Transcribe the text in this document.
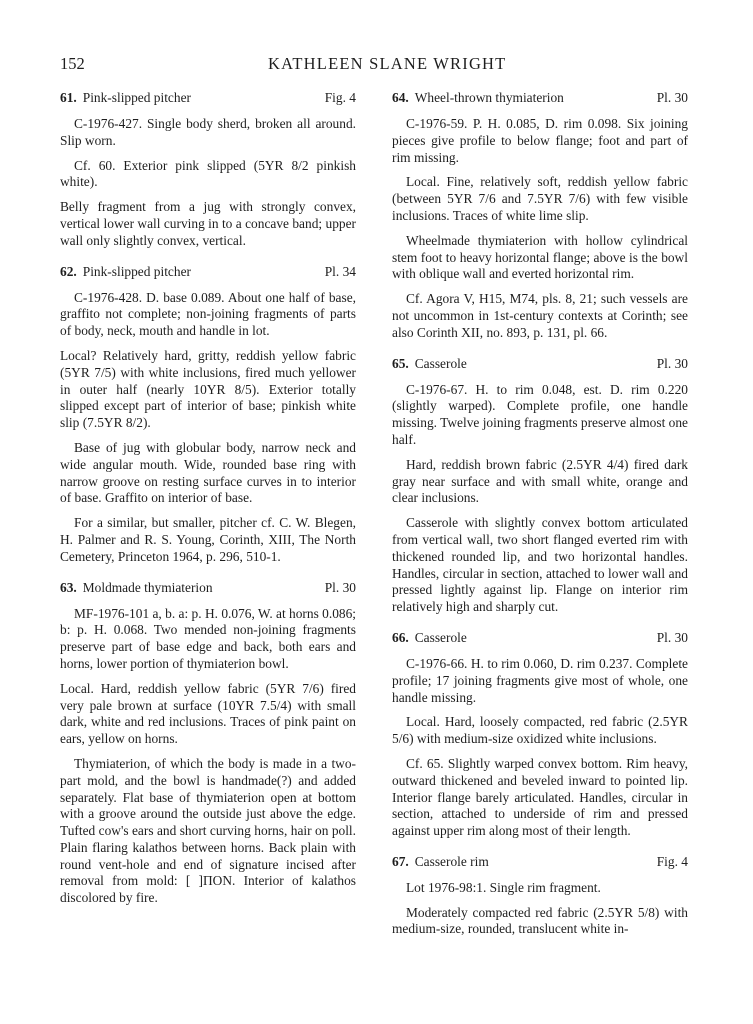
152	KATHLEEN SLANE WRIGHT
61. Pink-slipped pitcher	Fig. 4

C-1976-427. Single body sherd, broken all around. Slip worn.

Cf. 60. Exterior pink slipped (5YR 8/2 pinkish white).

Belly fragment from a jug with strongly convex, vertical lower wall curving in to a concave band; upper wall only slightly convex, vertical.

62. Pink-slipped pitcher	Pl. 34

C-1976-428. D. base 0.089. About one half of base, graffito not complete; non-joining fragments of parts of body, neck, mouth and handle in lot.

Local? Relatively hard, gritty, reddish yellow fabric (5YR 7/5) with white inclusions, fired much yellower in outer half (nearly 10YR 8/5). Exterior totally slipped except part of interior of base; pinkish white slip (7.5YR 8/2).

Base of jug with globular body, narrow neck and wide angular mouth. Wide, rounded base ring with narrow groove on resting surface curves in to interior of base. Graffito on interior of base.

For a similar, but smaller, pitcher cf. C. W. Blegen, H. Palmer and R. S. Young, Corinth, XIII, The North Cemetery, Princeton 1964, p. 296, 510-1.

63. Moldmade thymiaterion	Pl. 30

MF-1976-101 a, b. a: p. H. 0.076, W. at horns 0.086; b: p. H. 0.068. Two mended non-joining fragments preserve part of base edge and back, both ears and horns, lower portion of thymiaterion bowl.

Local. Hard, reddish yellow fabric (5YR 7/6) fired very pale brown at surface (10YR 7.5/4) with small dark, white and red inclusions. Traces of pink paint on ears, yellow on horns.

Thymiaterion, of which the body is made in a two-part mold, and the bowl is handmade(?) and added separately. Flat base of thymiaterion open at bottom with a groove around the outside just above the edge. Tufted cow's ears and short curving horns, hair on poll. Plain flaring kalathos between horns. Back plain with round vent-hole and end of signature incised after removal from mold: [ ]ΠΟΝ. Interior of kalathos discolored by fire.

64. Wheel-thrown thymiaterion	Pl. 30

C-1976-59. P. H. 0.085, D. rim 0.098. Six joining pieces give profile to below flange; foot and part of rim missing.

Local. Fine, relatively soft, reddish yellow fabric (between 5YR 7/6 and 7.5YR 7/6) with few visible inclusions. Traces of white lime slip.

Wheelmade thymiaterion with hollow cylindrical stem foot to heavy horizontal flange; above is the bowl with oblique wall and everted horizontal rim.

Cf. Agora V, H15, M74, pls. 8, 21; such vessels are not uncommon in 1st-century contexts at Corinth; see also Corinth XII, no. 893, p. 131, pl. 66.

65. Casserole	Pl. 30

C-1976-67. H. to rim 0.048, est. D. rim 0.220 (slightly warped). Complete profile, one handle missing. Twelve joining fragments preserve almost one half.

Hard, reddish brown fabric (2.5YR 4/4) fired dark gray near surface and with small white, orange and clear inclusions.

Casserole with slightly convex bottom articulated from vertical wall, two short flanged everted rim with thickened rounded lip, and two horizontal handles. Handles, circular in section, attached to lower wall and pressed lightly against lip. Flange on interior rim relatively high and sharply cut.

66. Casserole	Pl. 30

C-1976-66. H. to rim 0.060, D. rim 0.237. Complete profile; 17 joining fragments give most of whole, one handle missing.

Local. Hard, loosely compacted, red fabric (2.5YR 5/6) with medium-size oxidized white inclusions.

Cf. 65. Slightly warped convex bottom. Rim heavy, outward thickened and beveled inward to pointed lip. Interior flange barely articulated. Handles, circular in section, attached to underside of rim and pressed against upper rim along most of their length.

67. Casserole rim	Fig. 4

Lot 1976-98:1. Single rim fragment.

Moderately compacted red fabric (2.5YR 5/8) with medium-size, rounded, translucent white in-
